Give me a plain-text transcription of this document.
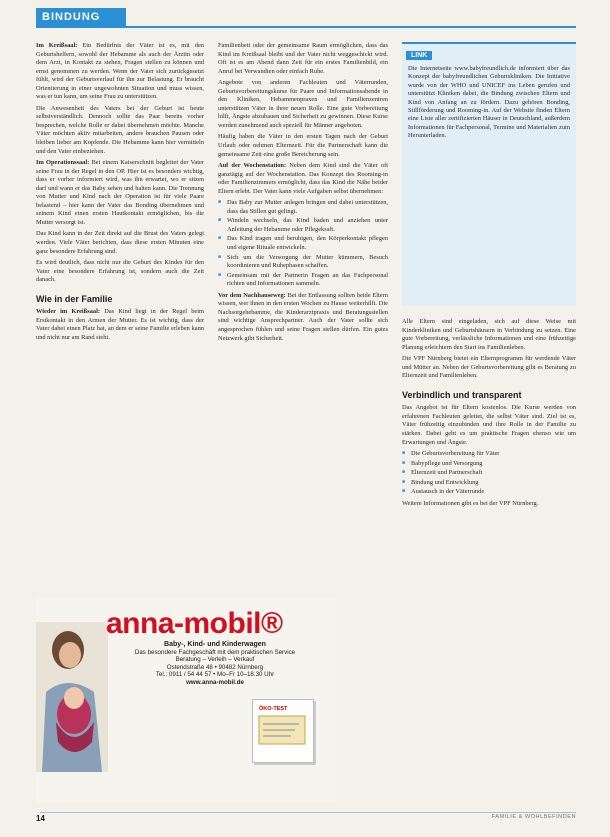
BINDUNG

Im Kreißsaal: Ein Bedürfnis der Väter ist es, mit den Geburtshelfern, sowohl der Hebamme als auch der Ärztin oder dem Arzt, in Kontakt zu stehen, Fragen stellen zu können und ernst genommen zu werden. Wenn der Vater sich zurückgesetzt fühlt, wird der Geburtsverlauf für ihn zur Belastung. Er braucht Orientierung in einer ungewohnten Situation und muss wissen, was er tun kann, um seine Frau zu unterstützen.

Die Anwesenheit des Vaters bei der Geburt ist heute selbstverständlich. Dennoch sollte das Paar bereits vorher besprechen, welche Rolle er dabei übernehmen möchte. Manche Väter möchten aktiv mitarbeiten, andere brauchen Pausen oder bleiben lieber am Kopfende. Die Hebamme kann hier vermitteln und den Vater einbeziehen.

Im Operationssaal: Bei einem Kaiserschnitt begleitet der Vater seine Frau in der Regel in den OP. Hier ist es besonders wichtig, dass er vorher informiert wird, was ihn erwartet, wo er sitzen darf und wann er das Baby sehen und halten kann. Die Trennung von Mutter und Kind nach der Operation ist für viele Paare belastend – hier kann der Vater das Bonding übernehmen und seinem Kind einen ersten Hautkontakt ermöglichen, bis die Mutter versorgt ist.

Das Kind kann in der Zeit direkt auf die Brust des Vaters gelegt werden. Viele Väter berichten, dass diese ersten Minuten eine ganz besondere Erfahrung sind.

Es wird deutlich, dass nicht nur die Geburt des Kindes für den Vater eine besondere Erfahrung ist, sondern auch die Zeit danach.

Wie in der Familie

Wieder im Kreißsaal: Das Kind liegt in der Regel beim Erstkontakt in den Armen der Mutter. Es ist wichtig, dass der Vater dabei einen Platz hat, an dem er seine Familie erleben kann und nicht nur am Rand steht.

Familienbett oder der gemeinsame Raum ermöglichen, dass das Kind im Kreißsaal bleibt und der Vater nicht weggeschickt wird. Oft ist es am Abend dann Zeit für ein erstes Familienbild, ein Anruf bei Verwandten oder einfach Ruhe.

Angebote von anderen Fachleuten und Väterrunden, Geburtsvorbereitungskurse für Paare und Informationsabende in den Kliniken, Hebammenpraxen und Familienzentren unterstützen Väter in ihrer neuen Rolle. Eine gute Vorbereitung hilft, Ängste abzubauen und Sicherheit zu gewinnen. Diese Kurse werden zunehmend auch speziell für Männer angeboten.

Häufig haben die Väter in den ersten Tagen nach der Geburt Urlaub oder nehmen Elternzeit. Für die Partnerschaft kann die gemeinsame Zeit eine große Bereicherung sein.

Auf der Wochenstation: Neben dem Kind sind die Väter oft ganztägig auf der Wochenstation. Das Konzept des Rooming-in oder Familienzimmers ermöglicht, dass das Kind die Nähe beider Eltern erlebt. Der Vater kann viele Aufgaben selbst übernehmen:

■ Das Baby zur Mutter anlegen bringen und dabei unterstützen, dass das Stillen gut gelingt.
■ Windeln wechseln, das Kind baden und anziehen unter Anleitung der Hebamme oder Pflegekraft.
■ Das Kind tragen und beruhigen, den Körperkontakt pflegen und eigene Rituale entwickeln.
■ Sich um die Versorgung der Mutter kümmern, Besuch koordinieren und Ruhephasen schaffen.
■ Gemeinsam mit der Partnerin Fragen an das Fachpersonal richten und Informationen sammeln.

Vor dem Nachhauseweg: Bei der Entlassung sollten beide Eltern wissen, wer ihnen in den ersten Wochen zu Hause weiterhilft. Die Nachsorgehebamme, die Kinderarztpraxis und Beratungsstellen sind wichtige Ansprechpartner. Auch der Vater sollte sich angesprochen fühlen und seine Fragen stellen dürfen. Ein gutes Netzwerk gibt Sicherheit.

LINK
Die Internetseite www.babyfreundlich.de informiert über das Konzept der babyfreundlichen Geburtskliniken. Die Initiative wurde von der WHO und UNICEF ins Leben gerufen und unterstützt Kliniken dabei, die Bindung zwischen Eltern und Kind von Anfang an zu fördern. Dazu gehören Bonding, Stillförderung und Rooming-in. Auf der Website finden Eltern eine Liste aller zertifizierten Häuser in Deutschland, außerdem Informationen für Fachpersonal, Termine und Materialien zum Herunterladen.

Alle Eltern sind eingeladen, sich auf diese Weise mit Kinderkliniken und Geburtshäusern in Verbindung zu setzen. Eine gute Vorbereitung, verlässliche Informationen und eine frühzeitige Planung erleichtern den Start ins Familienleben.

Die VPF Nürnberg bietet ein Elternprogramm für werdende Väter und Mütter an. Neben der Geburtsvorbereitung gibt es Beratung zu Elternzeit und Familienleben.

Verbindlich und transparent

Das Angebot ist für Eltern kostenlos. Die Kurse werden von erfahrenen Fachleuten geleitet, die selbst Väter sind. Ziel ist es, Väter frühzeitig einzubinden und ihre Rolle in der Familie zu stärken. Dabei geht es um praktische Fragen ebenso wie um Erwartungen und Ängste.

■ Die Geburtsvorbereitung für Väter
■ Babypflege und Versorgung
■ Elternzeit und Partnerschaft
■ Bindung und Entwicklung
■ Austausch in der Väterrunde

Weitere Informationen gibt es bei der VPF Nürnberg.

anna-mobil®
Baby-, Kind- und Kinderwagen
Das besondere Fachgeschäft mit dem praktischen Service
Beratung – Verleih – Verkauf
Ostendstraße 48 • 90482 Nürnberg
Tel.: 0911 / 54 44 57 • Mo–Fr 10–18.30 Uhr
www.anna-mobil.de
ÖKO-TEST
14	FAMILIE & WOHLBEFINDEN
